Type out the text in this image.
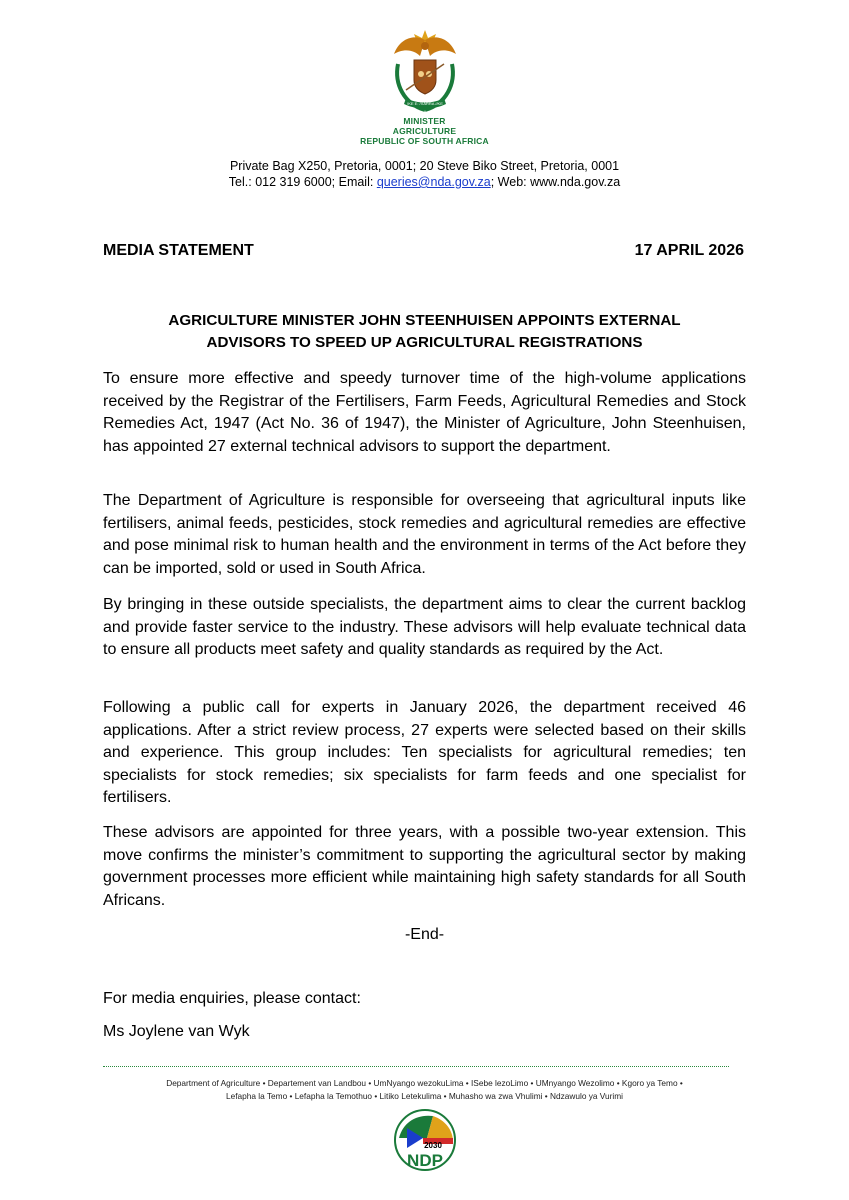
!KE E: /XARRA //KE
MINISTER
AGRICULTURE
REPUBLIC OF SOUTH AFRICA
Private Bag X250, Pretoria, 0001; 20 Steve Biko Street, Pretoria, 0001
Tel.: 012 319 6000; Email: queries@nda.gov.za; Web: www.nda.gov.za
MEDIA STATEMENT	17 APRIL 2026
AGRICULTURE MINISTER JOHN STEENHUISEN APPOINTS EXTERNAL
ADVISORS TO SPEED UP AGRICULTURAL REGISTRATIONS
To ensure more effective and speedy turnover time of the high-volume applications received by the Registrar of the Fertilisers, Farm Feeds, Agricultural Remedies and Stock Remedies Act, 1947 (Act No. 36 of 1947), the Minister of Agriculture, John Steenhuisen, has appointed 27 external technical advisors to support the department.
The Department of Agriculture is responsible for overseeing that agricultural inputs like fertilisers, animal feeds, pesticides, stock remedies and agricultural remedies are effective and pose minimal risk to human health and the environment in terms of the Act before they can be imported, sold or used in South Africa.
By bringing in these outside specialists, the department aims to clear the current backlog and provide faster service to the industry. These advisors will help evaluate technical data to ensure all products meet safety and quality standards as required by the Act.
Following a public call for experts in January 2026, the department received 46 applications. After a strict review process, 27 experts were selected based on their skills and experience. This group includes: Ten specialists for agricultural remedies; ten specialists for stock remedies; six specialists for farm feeds and one specialist for fertilisers.
These advisors are appointed for three years, with a possible two-year extension. This move confirms the minister’s commitment to supporting the agricultural sector by making government processes more efficient while maintaining high safety standards for all South Africans.
-End-
For media enquiries, please contact:
Ms Joylene van Wyk
Department of Agriculture • Departement van Landbou • UmNyango wezokuLima • ISebe lezoLimo • UMnyango Wezolimo • Kgoro ya Temo •
Lefapha la Temo • Lefapha la Temothuo • Litiko Letekulima • Muhasho wa zwa Vhulimi • Ndzawulo ya Vurimi
2030
NDP
